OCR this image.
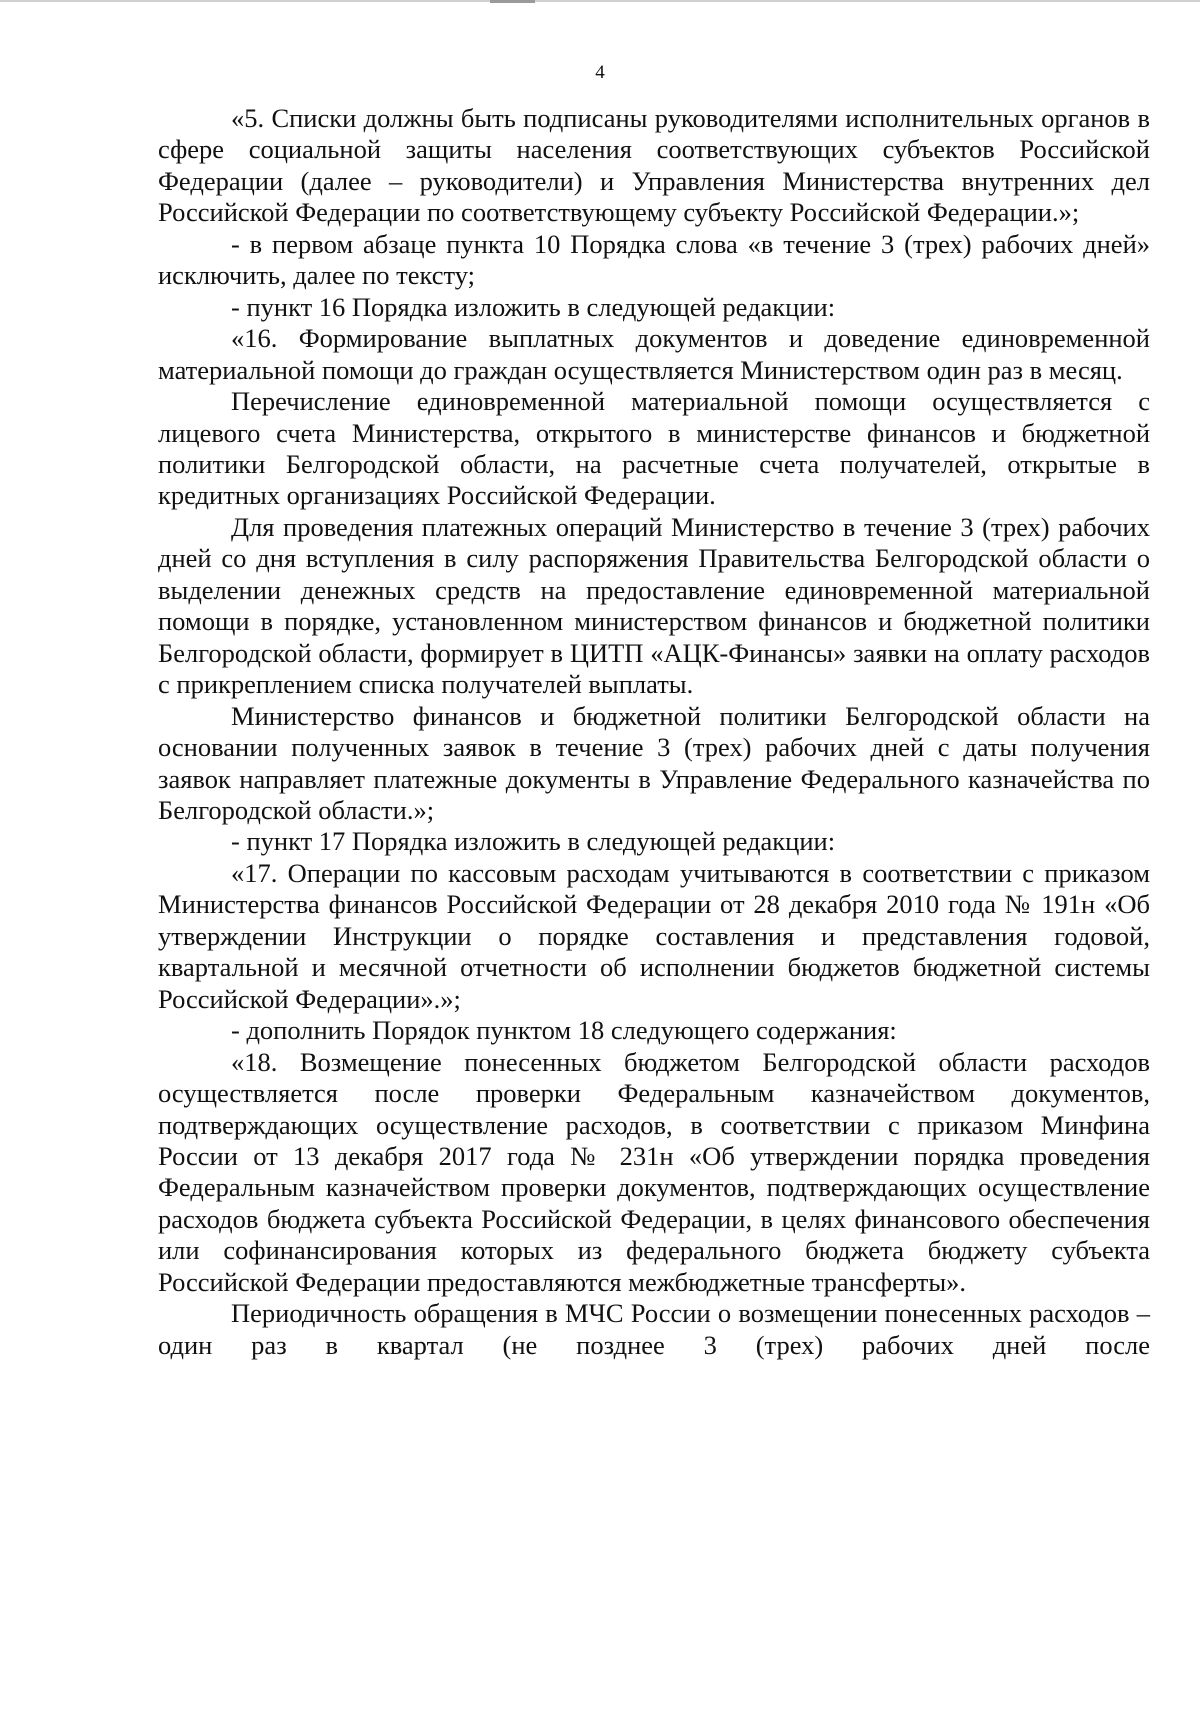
4

«5. Списки должны быть подписаны руководителями исполнительных органов в сфере социальной защиты населения соответствующих субъектов Российской Федерации (далее – руководители) и Управления Министерства внутренних дел Российской Федерации по соответствующему субъекту Российской Федерации.»;

- в первом абзаце пункта 10 Порядка слова «в течение 3 (трех) рабочих дней» исключить, далее по тексту;

- пункт 16 Порядка изложить в следующей редакции:

«16. Формирование выплатных документов и доведение единовременной материальной помощи до граждан осуществляется Министерством один раз в месяц.

Перечисление единовременной материальной помощи осуществляется с лицевого счета Министерства, открытого в министерстве финансов и бюджетной политики Белгородской области, на расчетные счета получателей, открытые в кредитных организациях Российской Федерации.

Для проведения платежных операций Министерство в течение 3 (трех) рабочих дней со дня вступления в силу распоряжения Правительства Белгородской области о выделении денежных средств на предоставление единовременной материальной помощи в порядке, установленном министерством финансов и бюджетной политики Белгородской области, формирует в ЦИТП «АЦК-Финансы» заявки на оплату расходов с прикреплением списка получателей выплаты.

Министерство финансов и бюджетной политики Белгородской области на основании полученных заявок в течение 3 (трех) рабочих дней с даты получения заявок направляет платежные документы в Управление Федерального казначейства по Белгородской области.»;

- пункт 17 Порядка изложить в следующей редакции:

«17. Операции по кассовым расходам учитываются в соответствии с приказом Министерства финансов Российской Федерации от 28 декабря 2010 года № 191н «Об утверждении Инструкции о порядке составления и представления годовой, квартальной и месячной отчетности об исполнении бюджетов бюджетной системы Российской Федерации».»;

- дополнить Порядок пунктом 18 следующего содержания:

«18. Возмещение понесенных бюджетом Белгородской области расходов осуществляется после проверки Федеральным казначейством документов, подтверждающих осуществление расходов, в соответствии с приказом Минфина России от 13 декабря 2017 года № 231н «Об утверждении порядка проведения Федеральным казначейством проверки документов, подтверждающих осуществление расходов бюджета субъекта Российской Федерации, в целях финансового обеспечения или софинансирования которых из федерального бюджета бюджету субъекта Российской Федерации предоставляются межбюджетные трансферты».

Периодичность обращения в МЧС России о возмещении понесенных расходов – один раз в квартал (не позднее 3 (трех) рабочих дней после
